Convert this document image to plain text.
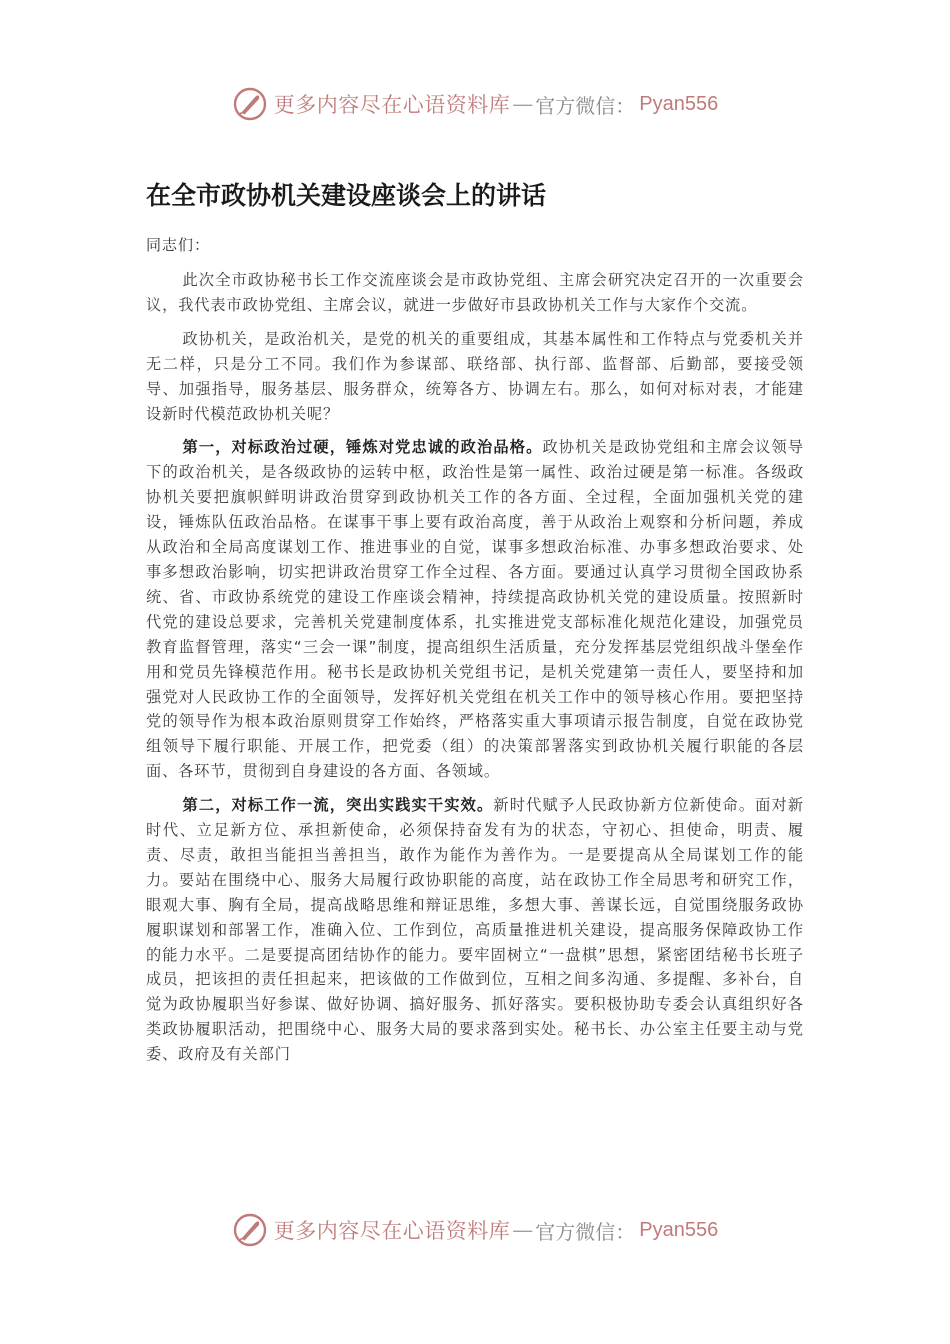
更多内容尽在心语资料库 — 官方微信： Pyan556
在全市政协机关建设座谈会上的讲话

同志们：

此次全市政协秘书长工作交流座谈会是市政协党组、主席会研究决定召开的一次重要会议，我代表市政协党组、主席会议，就进一步做好市县政协机关工作与大家作个交流。

政协机关，是政治机关，是党的机关的重要组成，其基本属性和工作特点与党委机关并无二样，只是分工不同。我们作为参谋部、联络部、执行部、监督部、后勤部，要接受领导、加强指导，服务基层、服务群众，统筹各方、协调左右。那么，如何对标对表，才能建设新时代模范政协机关呢？

第一，对标政治过硬，锤炼对党忠诚的政治品格。政协机关是政协党组和主席会议领导下的政治机关，是各级政协的运转中枢，政治性是第一属性、政治过硬是第一标准。各级政协机关要把旗帜鲜明讲政治贯穿到政协机关工作的各方面、全过程，全面加强机关党的建设，锤炼队伍政治品格。在谋事干事上要有政治高度，善于从政治上观察和分析问题，养成从政治和全局高度谋划工作、推进事业的自觉，谋事多想政治标准、办事多想政治要求、处事多想政治影响，切实把讲政治贯穿工作全过程、各方面。要通过认真学习贯彻全国政协系统、省、市政协系统党的建设工作座谈会精神，持续提高政协机关党的建设质量。按照新时代党的建设总要求，完善机关党建制度体系，扎实推进党支部标准化规范化建设，加强党员教育监督管理，落实“三会一课”制度，提高组织生活质量，充分发挥基层党组织战斗堡垒作用和党员先锋模范作用。秘书长是政协机关党组书记，是机关党建第一责任人，要坚持和加强党对人民政协工作的全面领导，发挥好机关党组在机关工作中的领导核心作用。要把坚持党的领导作为根本政治原则贯穿工作始终，严格落实重大事项请示报告制度，自觉在政协党组领导下履行职能、开展工作，把党委（组）的决策部署落实到政协机关履行职能的各层面、各环节，贯彻到自身建设的各方面、各领域。

第二，对标工作一流，突出实践实干实效。新时代赋予人民政协新方位新使命。面对新时代、立足新方位、承担新使命，必须保持奋发有为的状态，守初心、担使命，明责、履责、尽责，敢担当能担当善担当，敢作为能作为善作为。一是要提高从全局谋划工作的能力。要站在围绕中心、服务大局履行政协职能的高度，站在政协工作全局思考和研究工作，眼观大事、胸有全局，提高战略思维和辩证思维，多想大事、善谋长远，自觉围绕服务政协履职谋划和部署工作，准确入位、工作到位，高质量推进机关建设，提高服务保障政协工作的能力水平。二是要提高团结协作的能力。要牢固树立“一盘棋”思想，紧密团结秘书长班子成员，把该担的责任担起来，把该做的工作做到位，互相之间多沟通、多提醒、多补台，自觉为政协履职当好参谋、做好协调、搞好服务、抓好落实。要积极协助专委会认真组织好各类政协履职活动，把围绕中心、服务大局的要求落到实处。秘书长、办公室主任要主动与党委、政府及有关部门

更多内容尽在心语资料库 — 官方微信： Pyan556
